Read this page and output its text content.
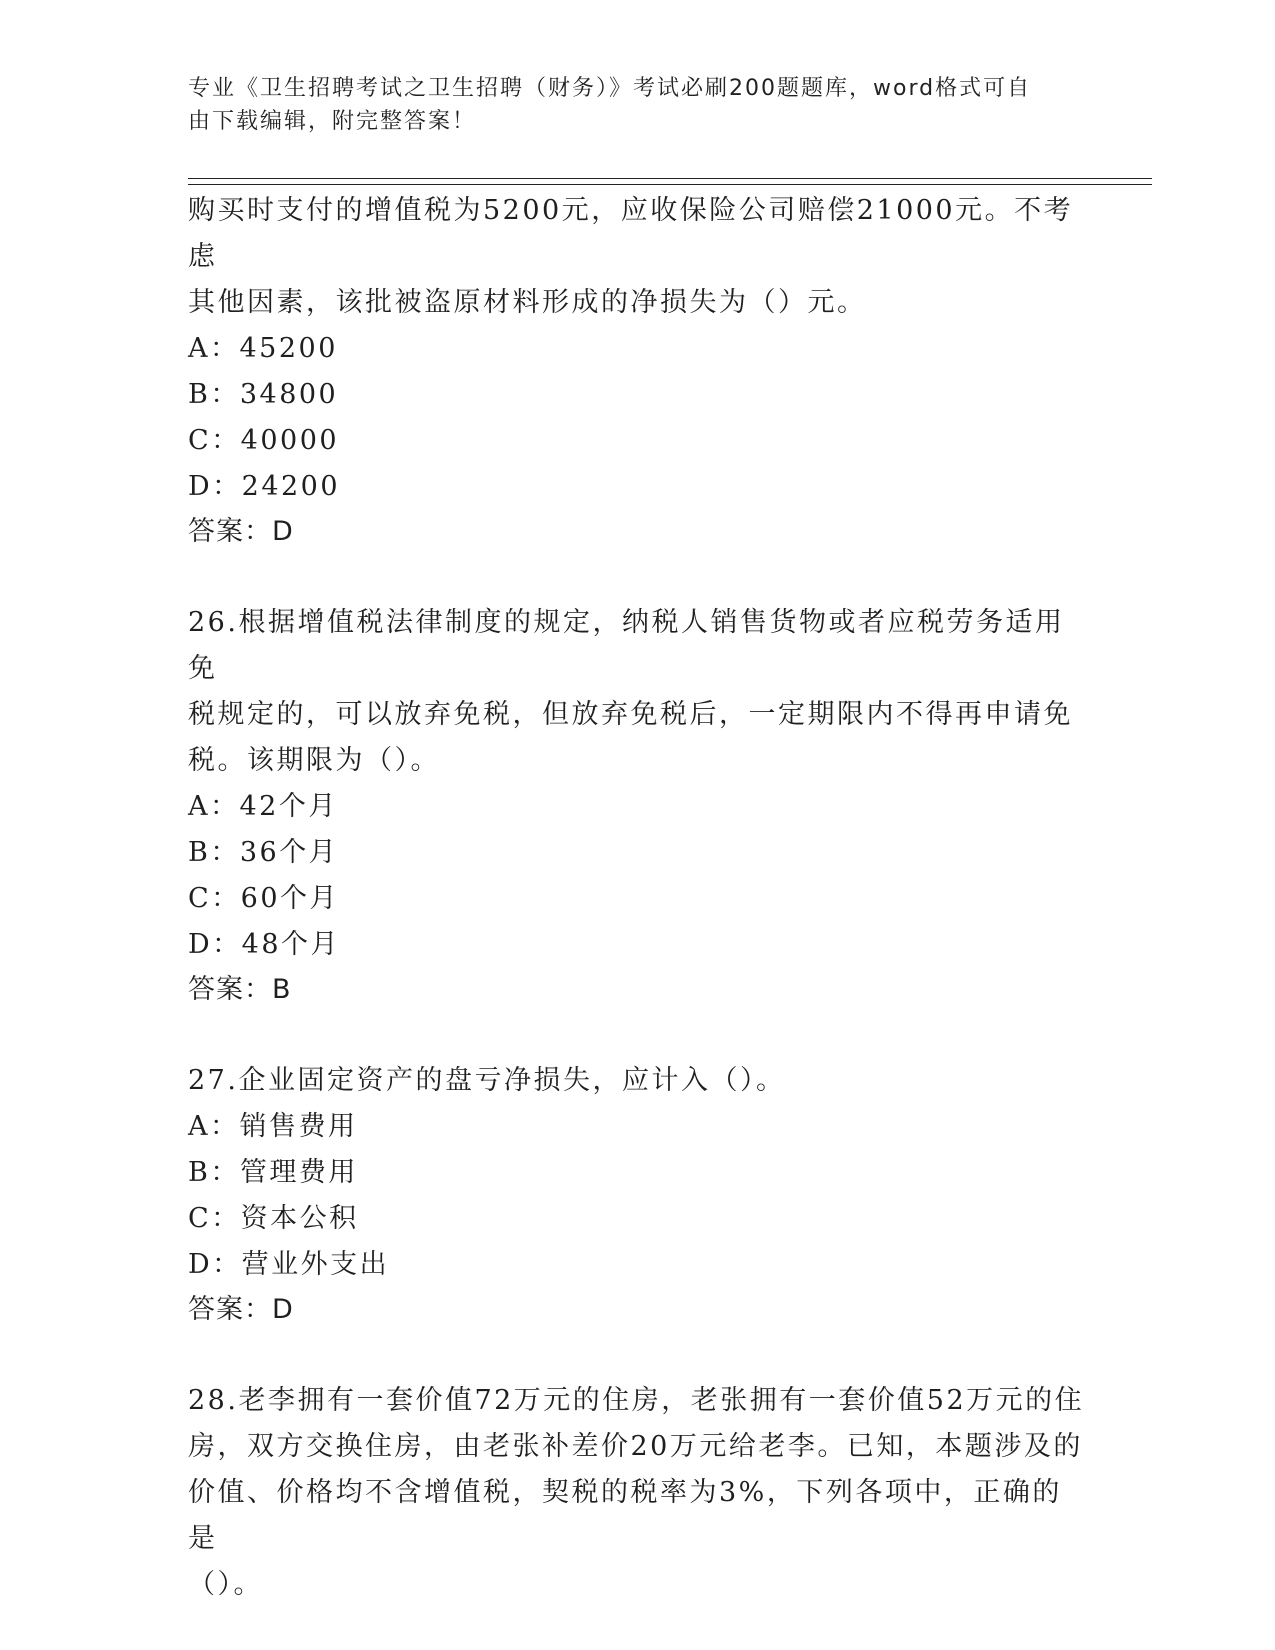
专业《卫生招聘考试之卫生招聘（财务）》考试必刷200题题库，word格式可自
由下载编辑，附完整答案！
购买时支付的增值税为5200元，应收保险公司赔偿21000元。不考虑
其他因素，该批被盗原材料形成的净损失为（）元。
A：45200
B：34800
C：40000
D：24200
答案：D
26.根据增值税法律制度的规定，纳税人销售货物或者应税劳务适用免
税规定的，可以放弃免税，但放弃免税后，一定期限内不得再申请免
税。该期限为（）。
A：42个月
B：36个月
C：60个月
D：48个月
答案：B
27.企业固定资产的盘亏净损失，应计入（）。
A：销售费用
B：管理费用
C：资本公积
D：营业外支出
答案：D
28.老李拥有一套价值72万元的住房，老张拥有一套价值52万元的住
房，双方交换住房，由老张补差价20万元给老李。已知，本题涉及的
价值、价格均不含增值税，契税的税率为3%，下列各项中，正确的是
（）。
